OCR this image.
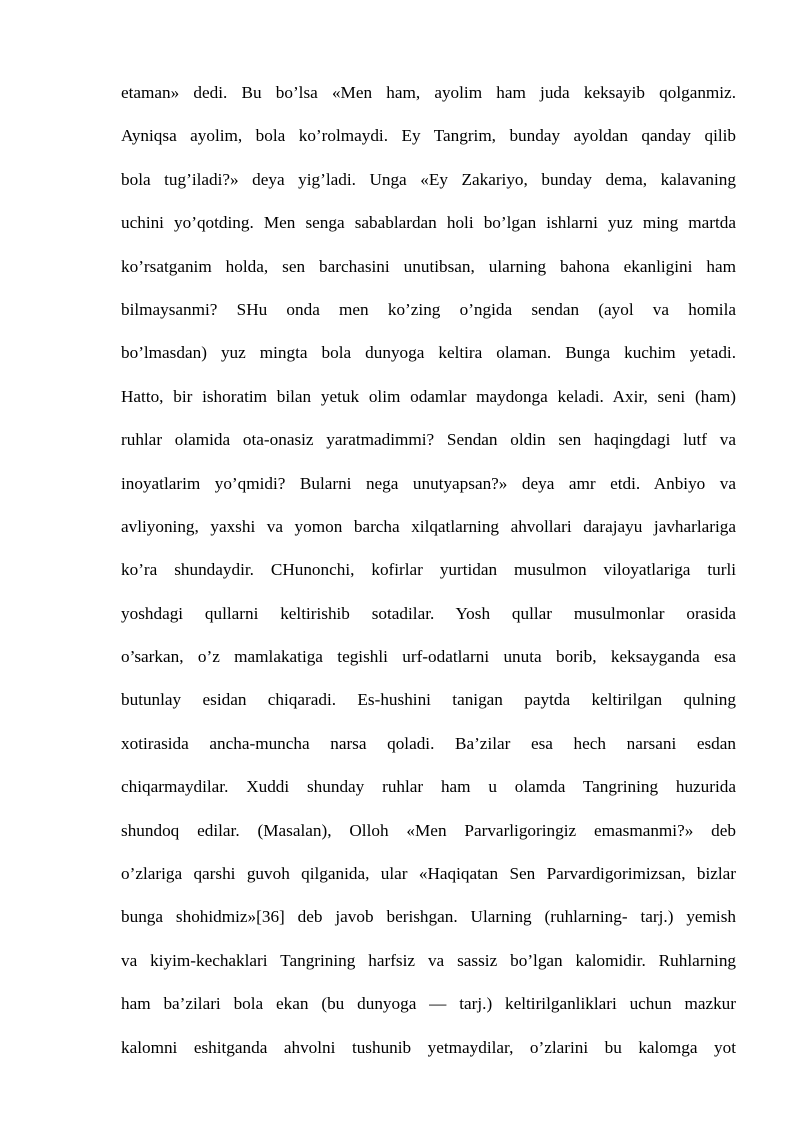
etaman» dedi. Bu bo’lsa «Men ham, ayolim ham juda keksayib qolganmiz.
Ayniqsa ayolim, bola ko’rolmaydi. Ey Tangrim, bunday ayoldan qanday qilib
bola tug’iladi?» deya yig’ladi. Unga «Ey Zakariyo, bunday dema, kalavaning
uchini yo’qotding. Men senga sabablardan holi bo’lgan ishlarni yuz ming martda
ko’rsatganim holda, sen barchasini unutibsan, ularning bahona ekanligini ham
bilmaysanmi? SHu onda men ko’zing o’ngida sendan (ayol va homila
bo’lmasdan) yuz mingta bola dunyoga keltira olaman. Bunga kuchim yetadi.
Hatto, bir ishoratim bilan yetuk olim odamlar maydonga keladi. Axir, seni (ham)
ruhlar olamida ota-onasiz yaratmadimmi? Sendan oldin sen haqingdagi lutf va
inoyatlarim yo’qmidi? Bularni nega unutyapsan?» deya amr etdi. Anbiyo va
avliyoning, yaxshi va yomon barcha xilqatlarning ahvollari darajayu javharlariga
ko’ra shundaydir. CHunonchi, kofirlar yurtidan musulmon viloyatlariga turli
yoshdagi qullarni keltirishib sotadilar. Yosh qullar musulmonlar orasida
o’sarkan, o’z mamlakatiga tegishli urf-odatlarni unuta borib, keksayganda esa
butunlay esidan chiqaradi. Es-hushini tanigan paytda keltirilgan qulning
xotirasida ancha-muncha narsa qoladi. Ba’zilar esa hech narsani esdan
chiqarmaydilar. Xuddi shunday ruhlar ham u olamda Tangrining huzurida
shundoq edilar. (Masalan), Olloh «Men Parvarligoringiz emasmanmi?» deb
o’zlariga qarshi guvoh qilganida, ular «Haqiqatan Sen Parvardigorimizsan, bizlar
bunga shohidmiz»[36] deb javob berishgan. Ularning (ruhlarning- tarj.) yemish
va kiyim-kechaklari Tangrining harfsiz va sassiz bo’lgan kalomidir. Ruhlarning
ham ba’zilari bola ekan (bu dunyoga — tarj.) keltirilganliklari uchun mazkur
kalomni eshitganda ahvolni tushunib yetmaydilar, o’zlarini bu kalomga yot
